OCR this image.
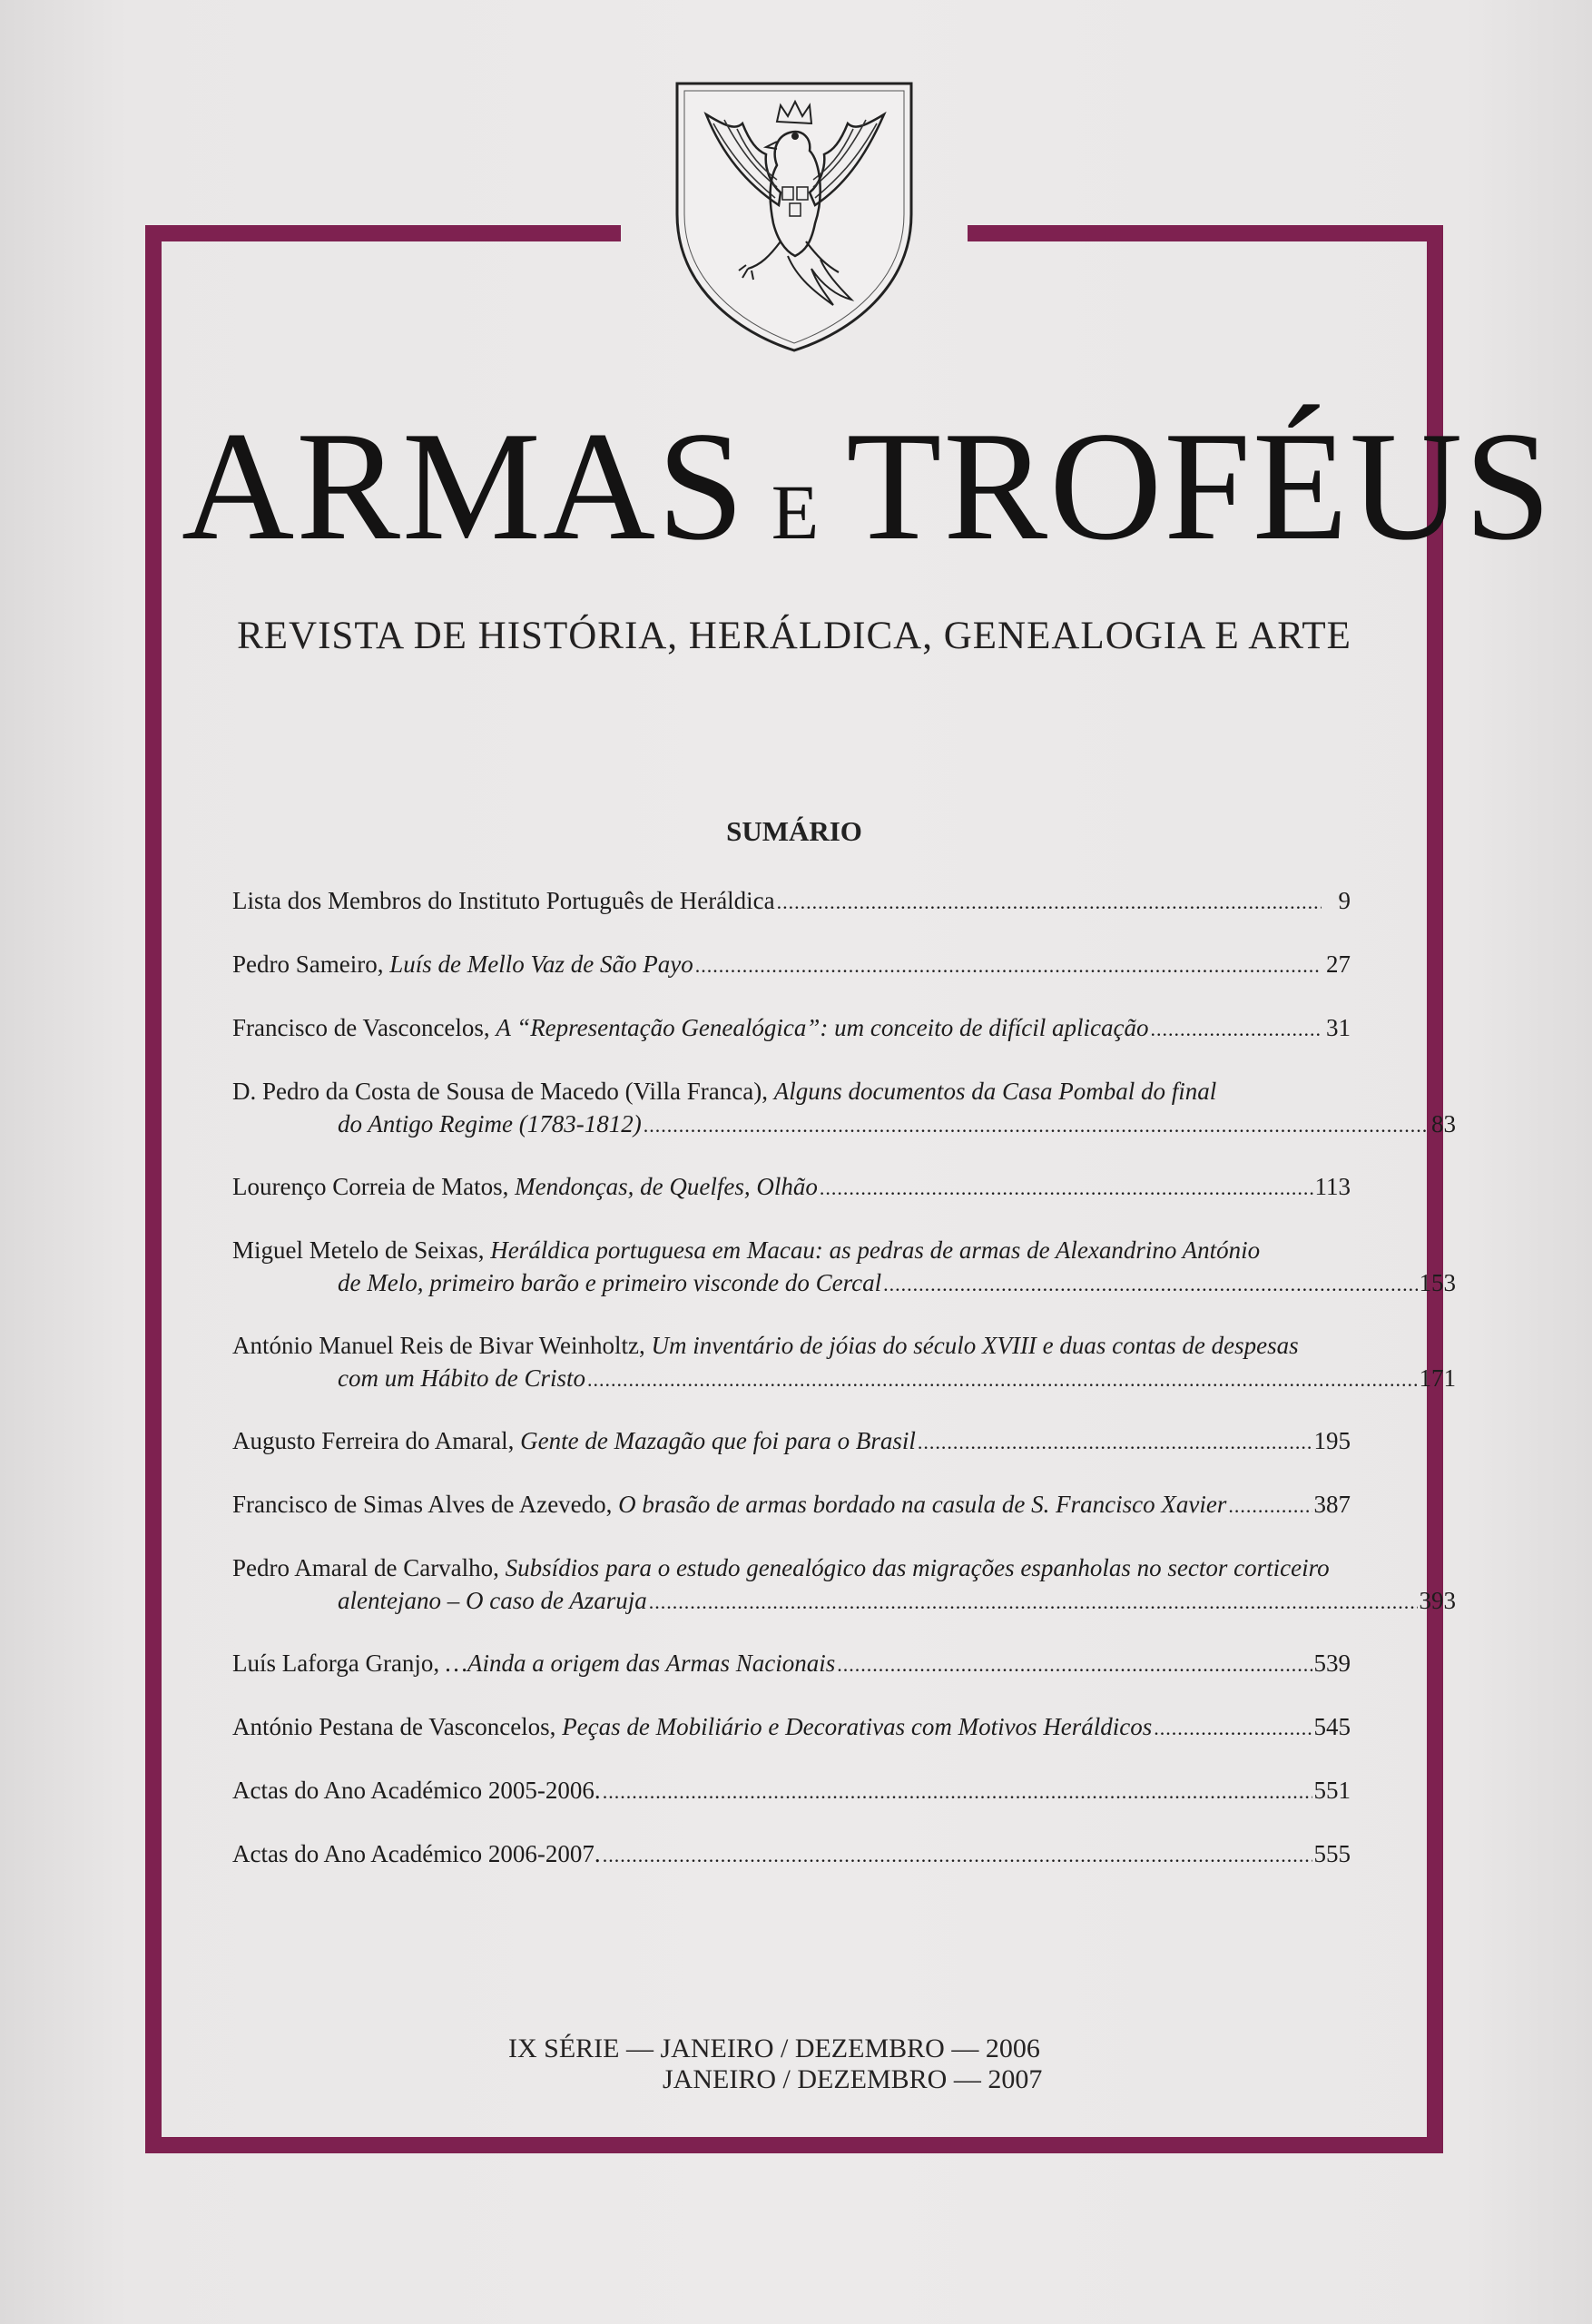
ARMAS E TROFÉUS
REVISTA DE HISTÓRIA, HERÁLDICA, GENEALOGIA E ARTE
SUMÁRIO
Lista dos Membros do Instituto Português de Heráldica .....	9
Pedro Sameiro, Luís de Mello Vaz de São Payo .....	27
Francisco de Vasconcelos, A “Representação Genealógica”: um conceito de difícil aplicação .....	31
D. Pedro da Costa de Sousa de Macedo (Villa Franca), Alguns documentos da Casa Pombal do final
do Antigo Regime (1783-1812) .....	83
Lourenço Correia de Matos, Mendonças, de Quelfes, Olhão .....	113
Miguel Metelo de Seixas, Heráldica portuguesa em Macau: as pedras de armas de Alexandrino António
de Melo, primeiro barão e primeiro visconde do Cercal .....	153
António Manuel Reis de Bivar Weinholtz, Um inventário de jóias do século XVIII e duas contas de despesas
com um Hábito de Cristo .....	171
Augusto Ferreira do Amaral, Gente de Mazagão que foi para o Brasil .....	195
Francisco de Simas Alves de Azevedo, O brasão de armas bordado na casula de S. Francisco Xavier .....	387
Pedro Amaral de Carvalho, Subsídios para o estudo genealógico das migrações espanholas no sector corticeiro
alentejano – O caso de Azaruja .....	393
Luís Laforga Granjo, …Ainda a origem das Armas Nacionais .....	539
António Pestana de Vasconcelos, Peças de Mobiliário e Decorativas com Motivos Heráldicos .....	545
Actas do Ano Académico 2005-2006. .....	551
Actas do Ano Académico 2006-2007. .....	555
IX SÉRIE — JANEIRO / DEZEMBRO — 2006
JANEIRO / DEZEMBRO — 2007
